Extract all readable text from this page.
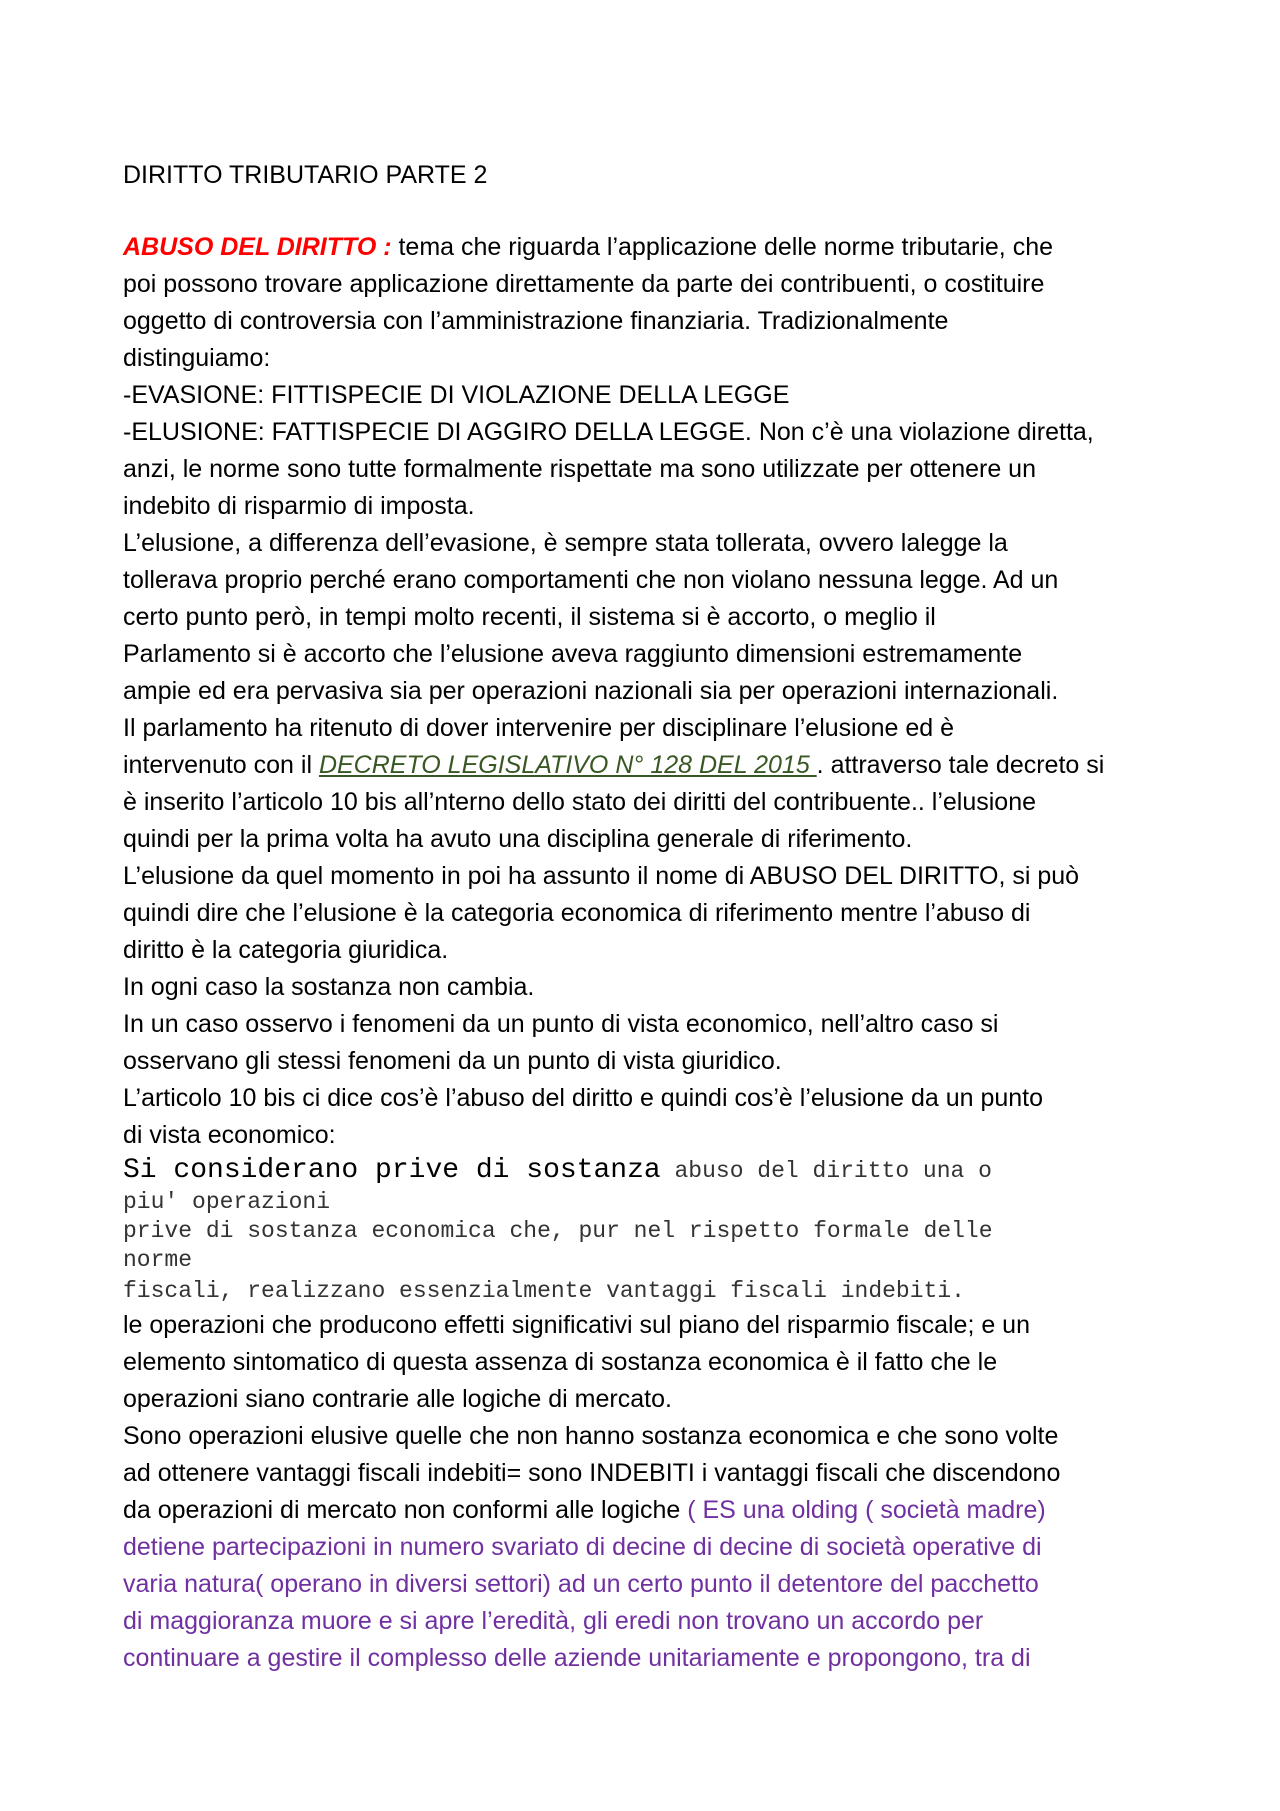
DIRITTO TRIBUTARIO PARTE 2

ABUSO DEL DIRITTO : tema che riguarda l’applicazione delle norme tributarie, che

poi possono trovare applicazione direttamente da parte dei contribuenti, o costituire

oggetto di controversia con l’amministrazione finanziaria. Tradizionalmente

distinguiamo:

-EVASIONE: FITTISPECIE DI VIOLAZIONE DELLA LEGGE

-ELUSIONE: FATTISPECIE DI AGGIRO DELLA LEGGE. Non c’è una violazione diretta,

anzi, le norme sono tutte formalmente rispettate ma sono utilizzate per ottenere un

indebito di risparmio di imposta.

L’elusione, a differenza dell’evasione, è sempre stata tollerata, ovvero lalegge la

tollerava proprio perché erano comportamenti che non violano nessuna legge. Ad un

certo punto però, in tempi molto recenti, il sistema si è accorto, o meglio il

Parlamento si è accorto che l’elusione aveva raggiunto dimensioni estremamente

ampie ed era pervasiva sia per operazioni nazionali sia per operazioni internazionali.

Il parlamento ha ritenuto di dover intervenire per disciplinare l’elusione ed è

intervenuto con il DECRETO LEGISLATIVO N° 128 DEL 2015 . attraverso tale decreto si

è inserito l’articolo 10 bis all’nterno dello stato dei diritti del contribuente.. l’elusione

quindi per la prima volta ha avuto una disciplina generale di riferimento.

L’elusione da quel momento in poi ha assunto il nome di ABUSO DEL DIRITTO, si può

quindi dire che l’elusione è la categoria economica di riferimento mentre l’abuso di

diritto è la categoria giuridica.

In ogni caso la sostanza non cambia.

In un caso osservo i fenomeni da un punto di vista economico, nell’altro caso si

osservano gli stessi fenomeni da un punto di vista giuridico.

L’articolo 10 bis ci dice cos’è l’abuso del diritto e quindi cos’è l’elusione da un punto

di vista economico:

Si considerano prive di sostanza abuso del diritto una o
piu' operazioni
prive di sostanza economica che, pur nel rispetto formale delle
norme
fiscali, realizzano essenzialmente vantaggi fiscali indebiti.

le operazioni che producono effetti significativi sul piano del risparmio fiscale; e un

elemento sintomatico di questa assenza di sostanza economica è il fatto che le

operazioni siano contrarie alle logiche di mercato.

Sono operazioni elusive quelle che non hanno sostanza economica e che sono volte

ad ottenere vantaggi fiscali indebiti= sono INDEBITI i vantaggi fiscali che discendono

da operazioni di mercato non conformi alle logiche ( ES una olding ( società madre)

detiene partecipazioni in numero svariato di decine di decine di società operative di

varia natura( operano in diversi settori) ad un certo punto il detentore del pacchetto

di maggioranza muore e si apre l’eredità, gli eredi non trovano un accordo per

continuare a gestire il complesso delle aziende unitariamente e propongono, tra di
